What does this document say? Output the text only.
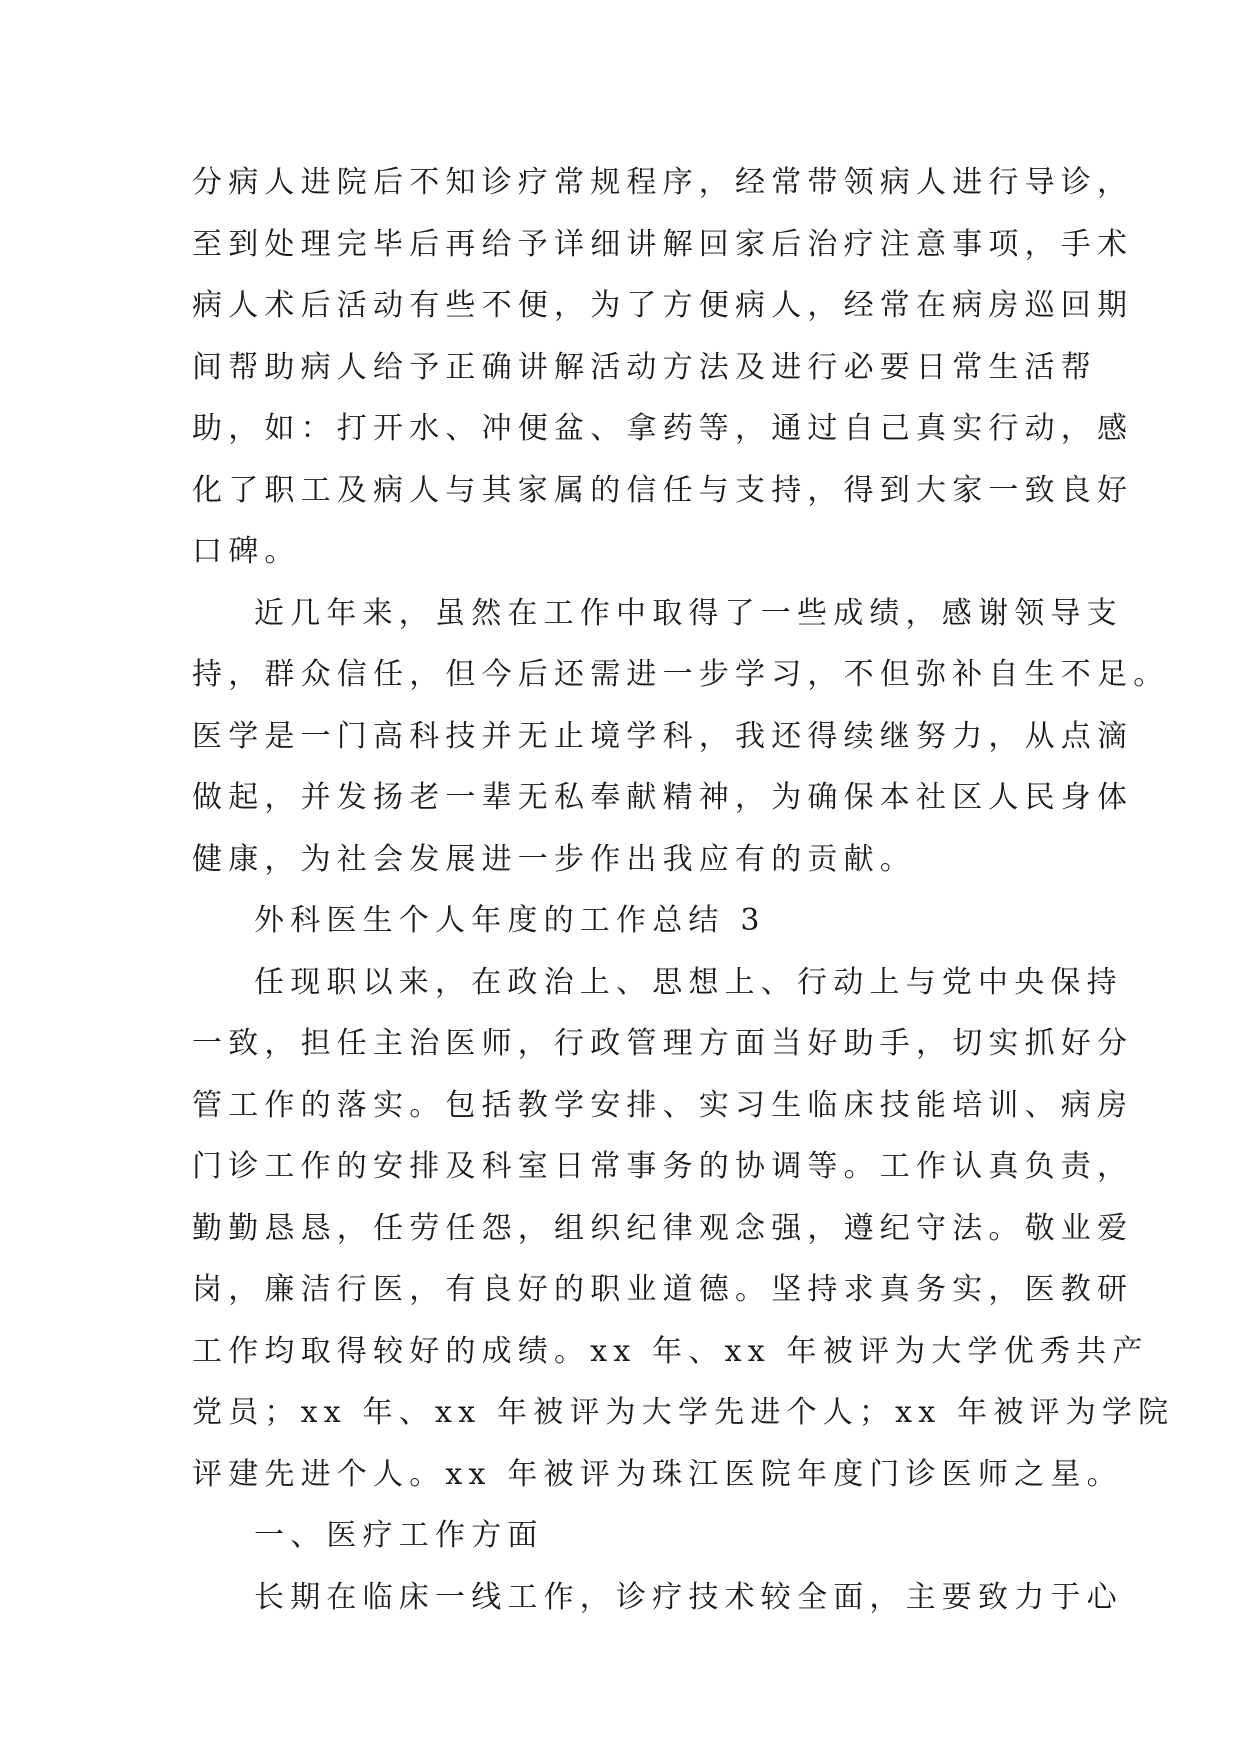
分病人进院后不知诊疗常规程序，经常带领病人进行导诊，
至到处理完毕后再给予详细讲解回家后治疗注意事项，手术
病人术后活动有些不便，为了方便病人，经常在病房巡回期
间帮助病人给予正确讲解活动方法及进行必要日常生活帮
助，如：打开水、冲便盆、拿药等，通过自己真实行动，感
化了职工及病人与其家属的信任与支持，得到大家一致良好
口碑。
近几年来，虽然在工作中取得了一些成绩，感谢领导支
持，群众信任，但今后还需进一步学习，不但弥补自生不足。
医学是一门高科技并无止境学科，我还得续继努力，从点滴
做起，并发扬老一辈无私奉献精神，为确保本社区人民身体
健康，为社会发展进一步作出我应有的贡献。
外科医生个人年度的工作总结 3
任现职以来，在政治上、思想上、行动上与党中央保持
一致，担任主治医师，行政管理方面当好助手，切实抓好分
管工作的落实。包括教学安排、实习生临床技能培训、病房
门诊工作的安排及科室日常事务的协调等。工作认真负责，
勤勤恳恳，任劳任怨，组织纪律观念强，遵纪守法。敬业爱
岗，廉洁行医，有良好的职业道德。坚持求真务实，医教研
工作均取得较好的成绩。xx 年、xx 年被评为大学优秀共产
党员；xx 年、xx 年被评为大学先进个人；xx 年被评为学院
评建先进个人。xx 年被评为珠江医院年度门诊医师之星。
一、医疗工作方面
长期在临床一线工作，诊疗技术较全面，主要致力于心
